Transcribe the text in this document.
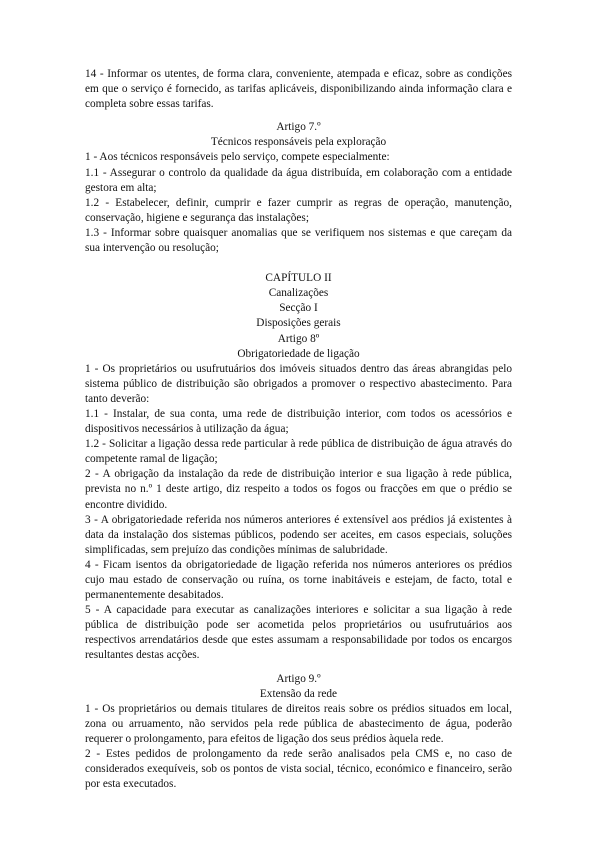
14 - Informar os utentes, de forma clara, conveniente, atempada e eficaz, sobre as condições em que o serviço é fornecido, as tarifas aplicáveis, disponibilizando ainda informação clara e completa sobre essas tarifas.

Artigo 7.º

Técnicos responsáveis pela exploração

1 - Aos técnicos responsáveis pelo serviço, compete especialmente:

1.1 - Assegurar o controlo da qualidade da água distribuída, em colaboração com a entidade gestora em alta;

1.2 - Estabelecer, definir, cumprir e fazer cumprir as regras de operação, manutenção, conservação, higiene e segurança das instalações;

1.3 - Informar sobre quaisquer anomalias que se verifiquem nos sistemas e que careçam da sua intervenção ou resolução;

CAPÍTULO II

Canalizações

Secção I

Disposições gerais

Artigo 8º

Obrigatoriedade de ligação

1 - Os proprietários ou usufrutuários dos imóveis situados dentro das áreas abrangidas pelo sistema público de distribuição são obrigados a promover o respectivo abastecimento. Para tanto deverão:

1.1 - Instalar, de sua conta, uma rede de distribuição interior, com todos os acessórios e dispositivos necessários à utilização da água;

1.2 - Solicitar a ligação dessa rede particular à rede pública de distribuição de água através do competente ramal de ligação;

2 - A obrigação da instalação da rede de distribuição interior e sua ligação à rede pública, prevista no n.º 1 deste artigo, diz respeito a todos os fogos ou fracções em que o prédio se encontre dividido.

3 - A obrigatoriedade referida nos números anteriores é extensível aos prédios já existentes à data da instalação dos sistemas públicos, podendo ser aceites, em casos especiais, soluções simplificadas, sem prejuízo das condições mínimas de salubridade.

4 - Ficam isentos da obrigatoriedade de ligação referida nos números anteriores os prédios cujo mau estado de conservação ou ruína, os torne inabitáveis e estejam, de facto, total e permanentemente desabitados.

5 - A capacidade para executar as canalizações interiores e solicitar a sua ligação à rede pública de distribuição pode ser acometida pelos proprietários ou usufrutuários aos respectivos arrendatários desde que estes assumam a responsabilidade por todos os encargos resultantes destas acções.

Artigo 9.º

Extensão da rede

1 - Os proprietários ou demais titulares de direitos reais sobre os prédios situados em local, zona ou arruamento, não servidos pela rede pública de abastecimento de água, poderão requerer o prolongamento, para efeitos de ligação dos seus prédios àquela rede.

2 - Estes pedidos de prolongamento da rede serão analisados pela CMS e, no caso de considerados exequíveis, sob os pontos de vista social, técnico, económico e financeiro, serão por esta executados.
